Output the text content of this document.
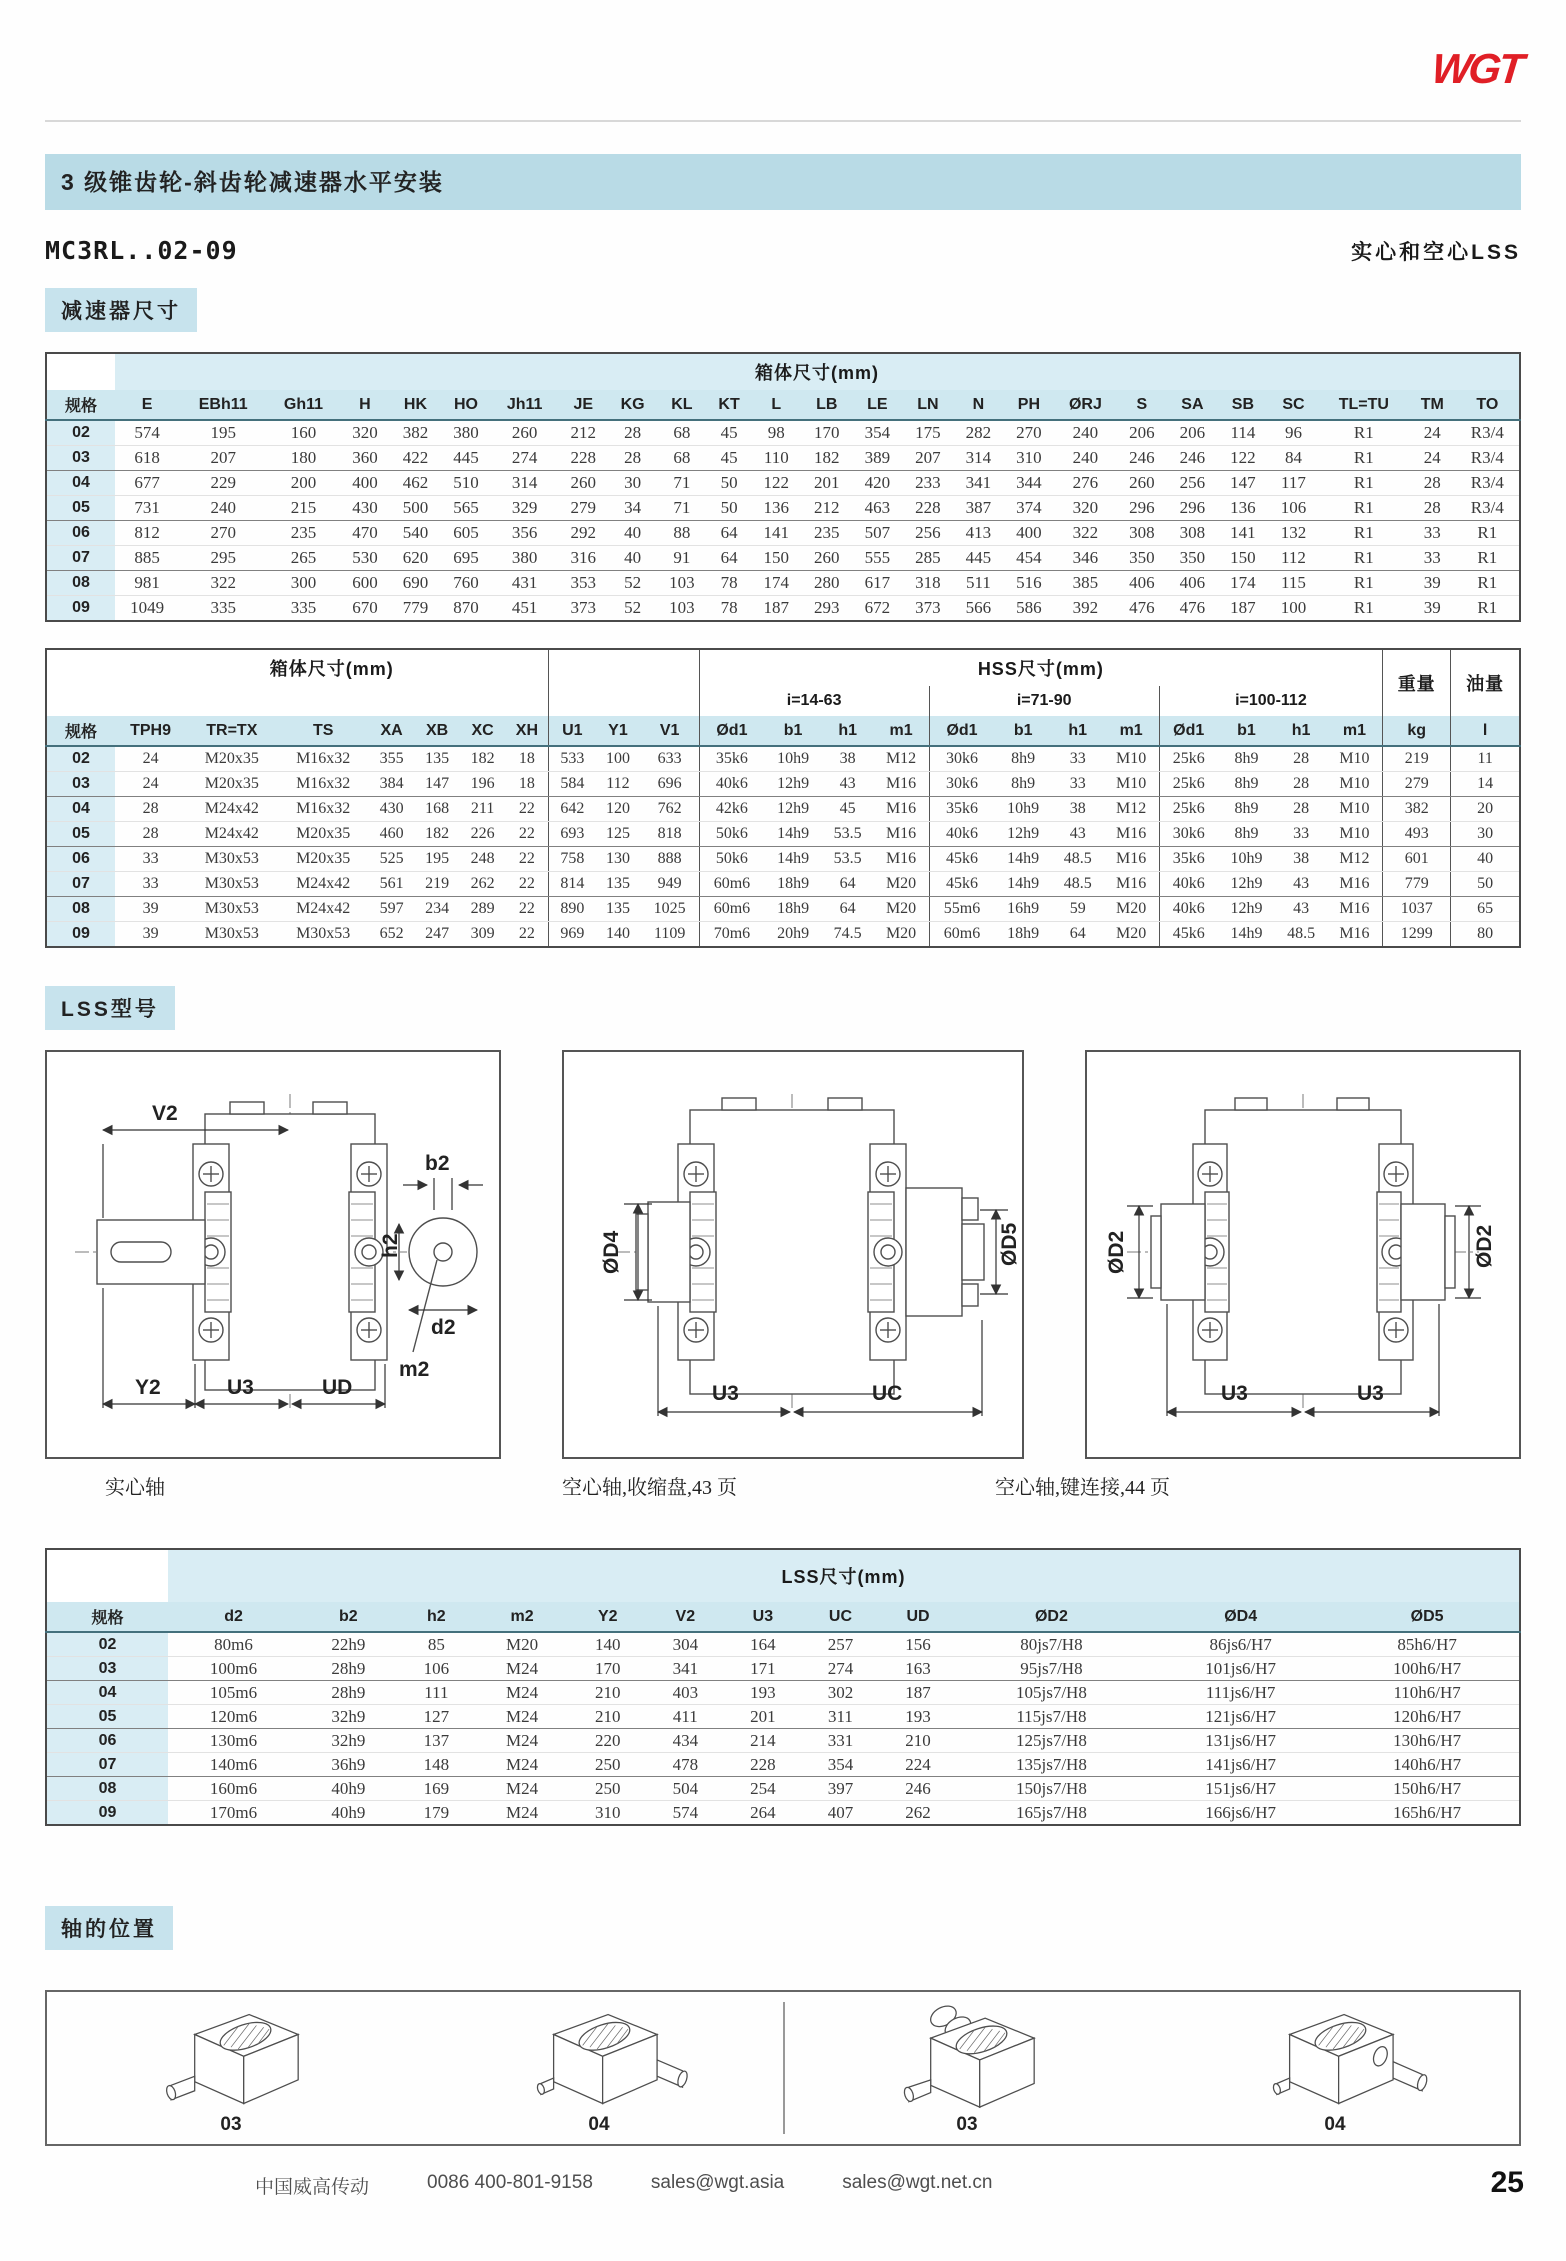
WGT
3 级锥齿轮-斜齿轮减速器水平安装
MC3RL..02-09	实心和空心LSS
减速器尺寸
	箱体尺寸(mm)																								
规格	E	EBh11	Gh11	H	HK	HO	Jh11	JE	KG	KL	KT	L	LB	LE	LN	N	PH	ØRJ	S	SA	SB	SC	TL=TU	TM	TO
02	574	195	160	320	382	380	260	212	28	68	45	98	170	354	175	282	270	240	206	206	114	96	R1	24	R3/4
03	618	207	180	360	422	445	274	228	28	68	45	110	182	389	207	314	310	240	246	246	122	84	R1	24	R3/4
04	677	229	200	400	462	510	314	260	30	71	50	122	201	420	233	341	344	276	260	256	147	117	R1	28	R3/4
05	731	240	215	430	500	565	329	279	34	71	50	136	212	463	228	387	374	320	296	296	136	106	R1	28	R3/4
06	812	270	235	470	540	605	356	292	40	88	64	141	235	507	256	413	400	322	308	308	141	132	R1	33	R1
07	885	295	265	530	620	695	380	316	40	91	64	150	260	555	285	445	454	346	350	350	150	112	R1	33	R1
08	981	322	300	600	690	760	431	353	52	103	78	174	280	617	318	511	516	385	406	406	174	115	R1	39	R1
09	1049	335	335	670	779	870	451	373	52	103	78	187	293	672	373	566	586	392	476	476	187	100	R1	39	R1
	箱体尺寸(mm)										HSS尺寸(mm)												重量	油量
											i=14-63				i=71-90				i=100-112					
规格	TPH9	TR=TX	TS	XA	XB	XC	XH	U1	Y1	V1	Ød1	b1	h1	m1	Ød1	b1	h1	m1	Ød1	b1	h1	m1	kg	l
02	24	M20x35	M16x32	355	135	182	18	533	100	633	35k6	10h9	38	M12	30k6	8h9	33	M10	25k6	8h9	28	M10	219	11
03	24	M20x35	M16x32	384	147	196	18	584	112	696	40k6	12h9	43	M16	30k6	8h9	33	M10	25k6	8h9	28	M10	279	14
04	28	M24x42	M16x32	430	168	211	22	642	120	762	42k6	12h9	45	M16	35k6	10h9	38	M12	25k6	8h9	28	M10	382	20
05	28	M24x42	M20x35	460	182	226	22	693	125	818	50k6	14h9	53.5	M16	40k6	12h9	43	M16	30k6	8h9	33	M10	493	30
06	33	M30x53	M20x35	525	195	248	22	758	130	888	50k6	14h9	53.5	M16	45k6	14h9	48.5	M16	35k6	10h9	38	M12	601	40
07	33	M30x53	M24x42	561	219	262	22	814	135	949	60m6	18h9	64	M20	45k6	14h9	48.5	M16	40k6	12h9	43	M16	779	50
08	39	M30x53	M24x42	597	234	289	22	890	135	1025	60m6	18h9	64	M20	55m6	16h9	59	M20	40k6	12h9	43	M16	1037	65
09	39	M30x53	M30x53	652	247	309	22	969	140	1109	70m6	20h9	74.5	M20	60m6	18h9	64	M20	45k6	14h9	48.5	M16	1299	80
LSS型号
V2
b2
h2
d2
m2
Y2	U3	UD
ØD4	ØD5
U3	UC
ØD2	ØD2
U3	U3
实心轴	空心轴,收缩盘,43 页	空心轴,键连接,44 页
	LSS尺寸(mm)											
规格	d2	b2	h2	m2	Y2	V2	U3	UC	UD	ØD2	ØD4	ØD5
02	80m6	22h9	85	M20	140	304	164	257	156	80js7/H8	86js6/H7	85h6/H7
03	100m6	28h9	106	M24	170	341	171	274	163	95js7/H8	101js6/H7	100h6/H7
04	105m6	28h9	111	M24	210	403	193	302	187	105js7/H8	111js6/H7	110h6/H7
05	120m6	32h9	127	M24	210	411	201	311	193	115js7/H8	121js6/H7	120h6/H7
06	130m6	32h9	137	M24	220	434	214	331	210	125js7/H8	131js6/H7	130h6/H7
07	140m6	36h9	148	M24	250	478	228	354	224	135js7/H8	141js6/H7	140h6/H7
08	160m6	40h9	169	M24	250	504	254	397	246	150js7/H8	151js6/H7	150h6/H7
09	170m6	40h9	179	M24	310	574	264	407	262	165js7/H8	166js6/H7	165h6/H7
轴的位置
03	04	03	04
中国威高传动	0086 400-801-9158	sales@wgt.asia	sales@wgt.net.cn	25
